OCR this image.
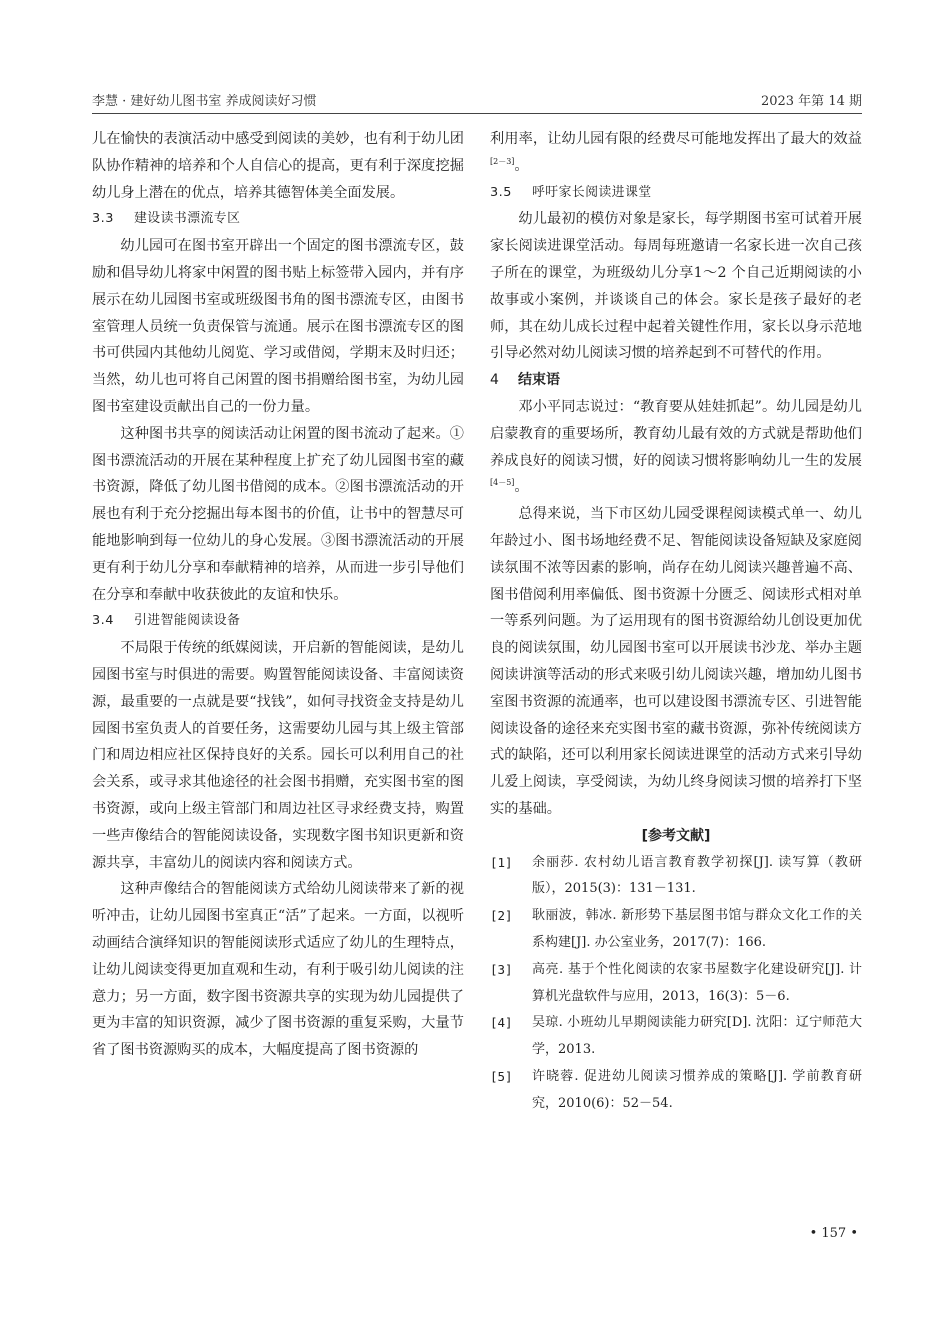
李慧 · 建好幼儿图书室 养成阅读好习惯	2023 年第 14 期

儿在愉快的表演活动中感受到阅读的美妙，也有利于幼儿团队协作精神的培养和个人自信心的提高，更有利于深度挖掘幼儿身上潜在的优点，培养其德智体美全面发展。

3.3 建设读书漂流专区

幼儿园可在图书室开辟出一个固定的图书漂流专区，鼓励和倡导幼儿将家中闲置的图书贴上标签带入园内，并有序展示在幼儿园图书室或班级图书角的图书漂流专区，由图书室管理人员统一负责保管与流通。展示在图书漂流专区的图书可供园内其他幼儿阅览、学习或借阅，学期末及时归还；当然，幼儿也可将自己闲置的图书捐赠给图书室，为幼儿园图书室建设贡献出自己的一份力量。

这种图书共享的阅读活动让闲置的图书流动了起来。①图书漂流活动的开展在某种程度上扩充了幼儿园图书室的藏书资源，降低了幼儿图书借阅的成本。②图书漂流活动的开展也有利于充分挖掘出每本图书的价值，让书中的智慧尽可能地影响到每一位幼儿的身心发展。③图书漂流活动的开展更有利于幼儿分享和奉献精神的培养，从而进一步引导他们在分享和奉献中收获彼此的友谊和快乐。

3.4 引进智能阅读设备

不局限于传统的纸媒阅读，开启新的智能阅读，是幼儿园图书室与时俱进的需要。购置智能阅读设备、丰富阅读资源，最重要的一点就是要“找钱”，如何寻找资金支持是幼儿园图书室负责人的首要任务，这需要幼儿园与其上级主管部门和周边相应社区保持良好的关系。园长可以利用自己的社会关系，或寻求其他途径的社会图书捐赠，充实图书室的图书资源，或向上级主管部门和周边社区寻求经费支持，购置一些声像结合的智能阅读设备，实现数字图书知识更新和资源共享，丰富幼儿的阅读内容和阅读方式。

这种声像结合的智能阅读方式给幼儿阅读带来了新的视听冲击，让幼儿园图书室真正“活”了起来。一方面，以视听动画结合演绎知识的智能阅读形式适应了幼儿的生理特点，让幼儿阅读变得更加直观和生动，有利于吸引幼儿阅读的注意力；另一方面，数字图书资源共享的实现为幼儿园提供了更为丰富的知识资源，减少了图书资源的重复采购，大量节省了图书资源购买的成本，大幅度提高了图书资源的

利用率，让幼儿园有限的经费尽可能地发挥出了最大的效益[2－3]。

3.5 呼吁家长阅读进课堂

幼儿最初的模仿对象是家长，每学期图书室可试着开展家长阅读进课堂活动。每周每班邀请一名家长进一次自己孩子所在的课堂，为班级幼儿分享1～2 个自己近期阅读的小故事或小案例，并谈谈自己的体会。家长是孩子最好的老师，其在幼儿成长过程中起着关键性作用，家长以身示范地引导必然对幼儿阅读习惯的培养起到不可替代的作用。

4 结束语

邓小平同志说过：“教育要从娃娃抓起”。幼儿园是幼儿启蒙教育的重要场所，教育幼儿最有效的方式就是帮助他们养成良好的阅读习惯，好的阅读习惯将影响幼儿一生的发展[4－5]。

总得来说，当下市区幼儿园受课程阅读模式单一、幼儿年龄过小、图书场地经费不足、智能阅读设备短缺及家庭阅读氛围不浓等因素的影响，尚存在幼儿阅读兴趣普遍不高、图书借阅利用率偏低、图书资源十分匮乏、阅读形式相对单一等系列问题。为了运用现有的图书资源给幼儿创设更加优良的阅读氛围，幼儿园图书室可以开展读书沙龙、举办主题阅读讲演等活动的形式来吸引幼儿阅读兴趣，增加幼儿图书室图书资源的流通率，也可以建设图书漂流专区、引进智能阅读设备的途径来充实图书室的藏书资源，弥补传统阅读方式的缺陷，还可以利用家长阅读进课堂的活动方式来引导幼儿爱上阅读，享受阅读，为幼儿终身阅读习惯的培养打下坚实的基础。

[参考文献]
[1]	余丽莎. 农村幼儿语言教育教学初探[J]. 读写算（教研版），2015(3)：131－131.
[2]	耿丽波，韩冰. 新形势下基层图书馆与群众文化工作的关系构建[J]. 办公室业务，2017(7)：166.
[3]	高亮. 基于个性化阅读的农家书屋数字化建设研究[J]. 计算机光盘软件与应用，2013，16(3)：5－6.
[4]	吴琼. 小班幼儿早期阅读能力研究[D]. 沈阳：辽宁师范大学，2013.
[5]	许晓蓉. 促进幼儿阅读习惯养成的策略[J]. 学前教育研究，2010(6)：52－54.
• 157 •
